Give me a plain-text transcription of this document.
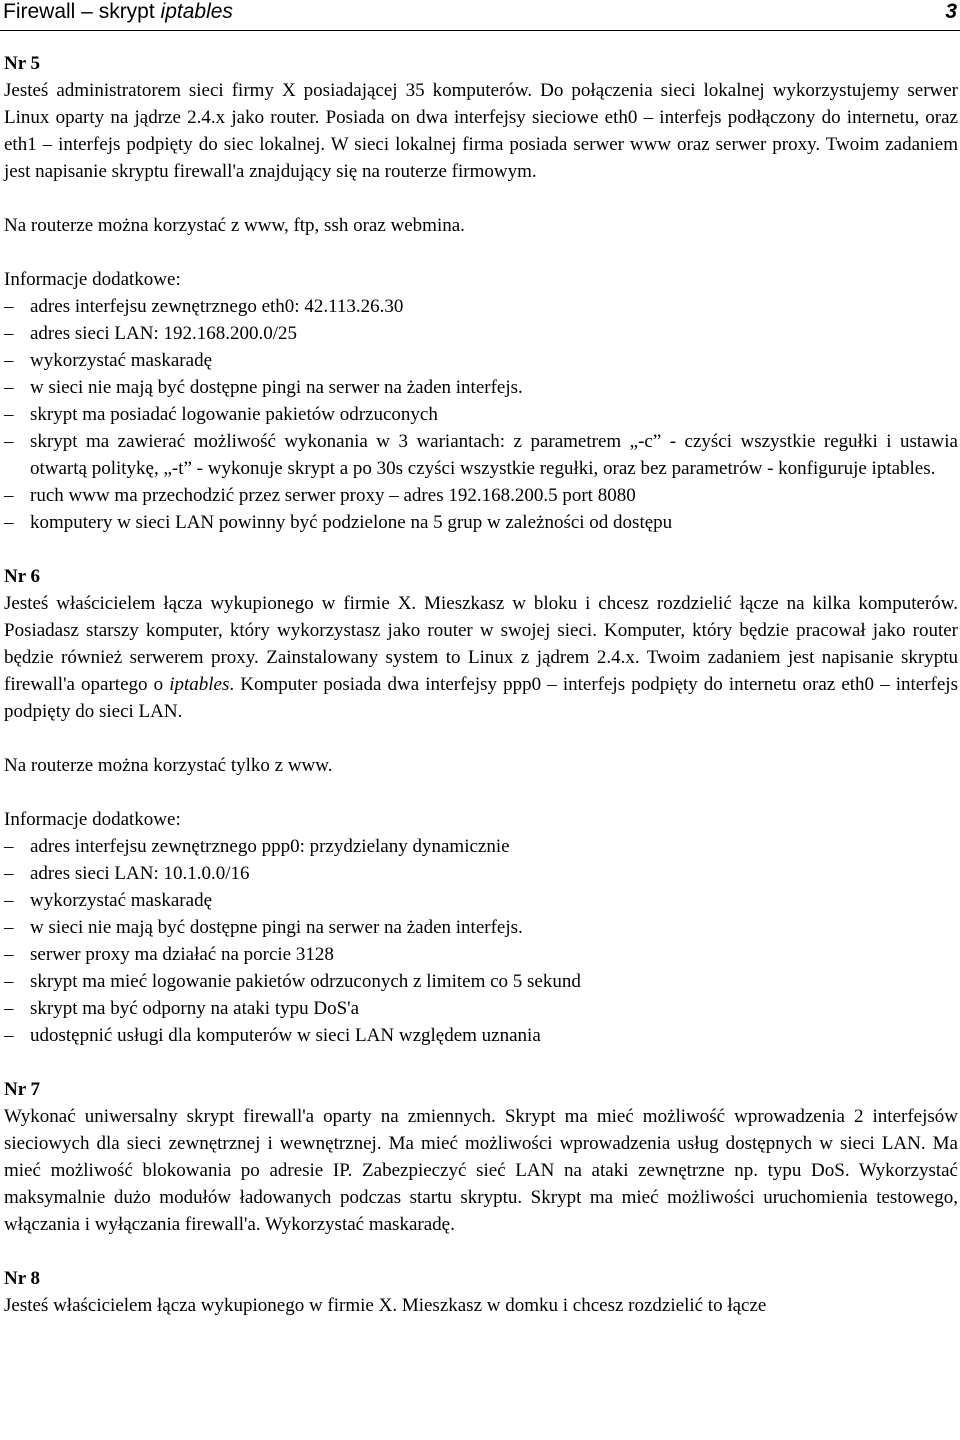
Firewall – skrypt iptables	3

Nr 5

Jesteś administratorem sieci firmy X posiadającej 35 komputerów. Do połączenia sieci lokalnej wykorzystujemy serwer Linux oparty na jądrze 2.4.x jako router. Posiada on dwa interfejsy sieciowe eth0 – interfejs podłączony do internetu, oraz eth1 – interfejs podpięty do siec lokalnej. W sieci lokalnej firma posiada serwer www oraz serwer proxy. Twoim zadaniem jest napisanie skryptu firewall'a znajdujący się na routerze firmowym.

Na routerze można korzystać z www, ftp, ssh oraz webmina.

Informacje dodatkowe:

– adres interfejsu zewnętrznego eth0: 42.113.26.30
– adres sieci LAN: 192.168.200.0/25
– wykorzystać maskaradę
– w sieci nie mają być dostępne pingi na serwer na żaden interfejs.
– skrypt ma posiadać logowanie pakietów odrzuconych
– skrypt ma zawierać możliwość wykonania w 3 wariantach: z parametrem „-c” - czyści wszystkie regułki i ustawia otwartą politykę, „-t” - wykonuje skrypt a po 30s czyści wszystkie regułki, oraz bez parametrów - konfiguruje iptables.
– ruch www ma przechodzić przez serwer proxy – adres 192.168.200.5 port 8080
– komputery w sieci LAN powinny być podzielone na 5 grup w zależności od dostępu

Nr 6

Jesteś właścicielem łącza wykupionego w firmie X. Mieszkasz w bloku i chcesz rozdzielić łącze na kilka komputerów. Posiadasz starszy komputer, który wykorzystasz jako router w swojej sieci. Komputer, który będzie pracował jako router będzie również serwerem proxy. Zainstalowany system to Linux z jądrem 2.4.x. Twoim zadaniem jest napisanie skryptu firewall'a opartego o iptables. Komputer posiada dwa interfejsy ppp0 – interfejs podpięty do internetu oraz eth0 – interfejs podpięty do sieci LAN.

Na routerze można korzystać tylko z www.

Informacje dodatkowe:

– adres interfejsu zewnętrznego ppp0: przydzielany dynamicznie
– adres sieci LAN: 10.1.0.0/16
– wykorzystać maskaradę
– w sieci nie mają być dostępne pingi na serwer na żaden interfejs.
– serwer proxy ma działać na porcie 3128
– skrypt ma mieć logowanie pakietów odrzuconych z limitem co 5 sekund
– skrypt ma być odporny na ataki typu DoS'a
– udostępnić usługi dla komputerów w sieci LAN względem uznania

Nr 7

Wykonać uniwersalny skrypt firewall'a oparty na zmiennych. Skrypt ma mieć możliwość wprowadzenia 2 interfejsów sieciowych dla sieci zewnętrznej i wewnętrznej. Ma mieć możliwości wprowadzenia usług dostępnych w sieci LAN. Ma mieć możliwość blokowania po adresie IP. Zabezpieczyć sieć LAN na ataki zewnętrzne np. typu DoS. Wykorzystać maksymalnie dużo modułów ładowanych podczas startu skryptu. Skrypt ma mieć możliwości uruchomienia testowego, włączania i wyłączania firewall'a. Wykorzystać maskaradę.

Nr 8

Jesteś właścicielem łącza wykupionego w firmie X. Mieszkasz w domku i chcesz rozdzielić to łącze
